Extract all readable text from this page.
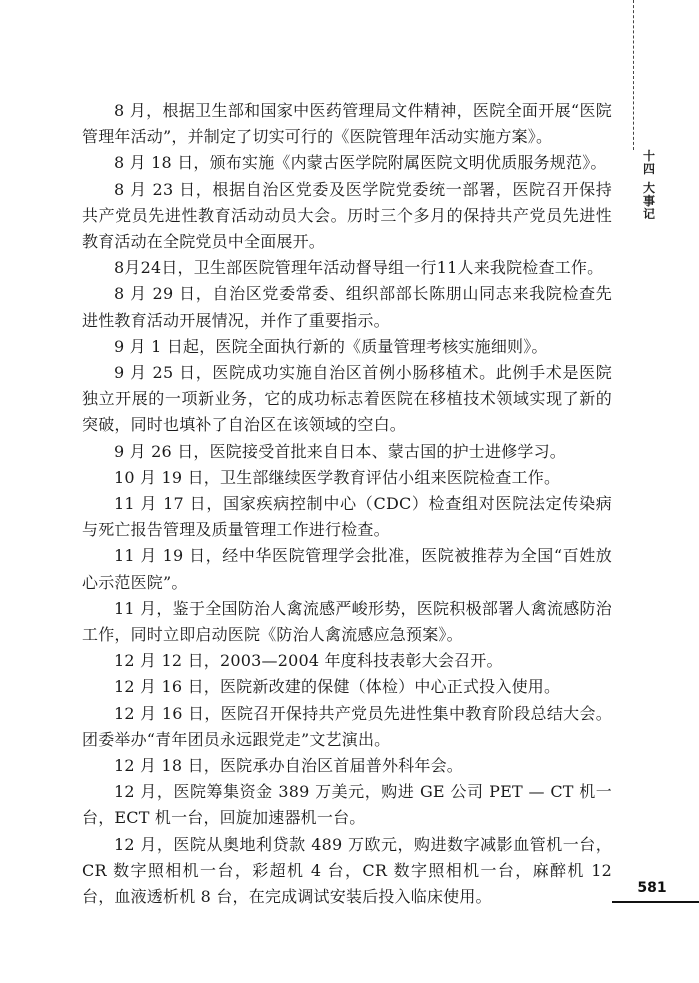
十
四
大
事
记

8 月，根据卫生部和国家中医药管理局文件精神，医院全面开展“医院管理年活动”，并制定了切实可行的《医院管理年活动实施方案》。

8 月 18 日，颁布实施《内蒙古医学院附属医院文明优质服务规范》。

8 月 23 日，根据自治区党委及医学院党委统一部署，医院召开保持共产党员先进性教育活动动员大会。历时三个多月的保持共产党员先进性教育活动在全院党员中全面展开。

8月24日，卫生部医院管理年活动督导组一行11人来我院检查工作。

8 月 29 日，自治区党委常委、组织部部长陈朋山同志来我院检查先进性教育活动开展情况，并作了重要指示。

9 月 1 日起，医院全面执行新的《质量管理考核实施细则》。

9 月 25 日，医院成功实施自治区首例小肠移植术。此例手术是医院独立开展的一项新业务，它的成功标志着医院在移植技术领域实现了新的突破，同时也填补了自治区在该领域的空白。

9 月 26 日，医院接受首批来自日本、蒙古国的护士进修学习。

10 月 19 日，卫生部继续医学教育评估小组来医院检查工作。

11 月 17 日，国家疾病控制中心（CDC）检查组对医院法定传染病与死亡报告管理及质量管理工作进行检查。

11 月 19 日，经中华医院管理学会批准，医院被推荐为全国“百姓放心示范医院”。

11 月，鉴于全国防治人禽流感严峻形势，医院积极部署人禽流感防治工作，同时立即启动医院《防治人禽流感应急预案》。

12 月 12 日，2003—2004 年度科技表彰大会召开。

12 月 16 日，医院新改建的保健（体检）中心正式投入使用。

12 月 16 日，医院召开保持共产党员先进性集中教育阶段总结大会。团委举办“青年团员永远跟党走”文艺演出。

12 月 18 日，医院承办自治区首届普外科年会。

12 月，医院筹集资金 389 万美元，购进 GE 公司 PET — CT 机一台，ECT 机一台，回旋加速器机一台。

12 月，医院从奥地利贷款 489 万欧元，购进数字减影血管机一台，CR 数字照相机一台，彩超机 4 台，CR 数字照相机一台，麻醉机 12 台，血液透析机 8 台，在完成调试安装后投入临床使用。	581
